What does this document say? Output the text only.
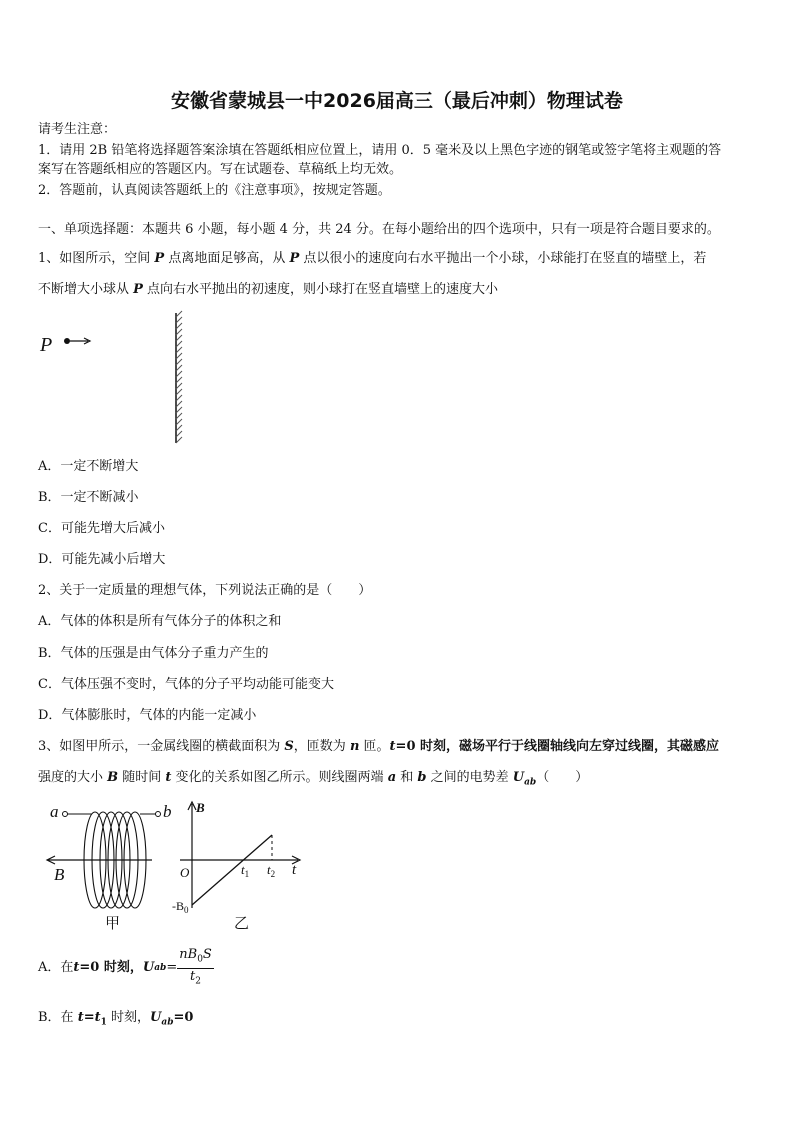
安徽省蒙城县一中2026届高三（最后冲刺）物理试卷
请考生注意：
1．请用 2B 铅笔将选择题答案涂填在答题纸相应位置上，请用 0．5 毫米及以上黑色字迹的钢笔或签字笔将主观题的答
案写在答题纸相应的答题区内。写在试题卷、草稿纸上均无效。
2．答题前，认真阅读答题纸上的《注意事项》，按规定答题。
一、单项选择题：本题共 6 小题，每小题 4 分，共 24 分。在每小题给出的四个选项中，只有一项是符合题目要求的。
1、如图所示，空间 P 点离地面足够高，从 P 点以很小的速度向右水平抛出一个小球，小球能打在竖直的墙壁上，若
不断增大小球从 P 点向右水平抛出的初速度，则小球打在竖直墙壁上的速度大小
P
A．一定不断增大
B．一定不断减小
C．可能先增大后减小
D．可能先减小后增大
2、关于一定质量的理想气体，下列说法正确的是（　　）
A．气体的体积是所有气体分子的体积之和
B．气体的压强是由气体分子重力产生的
C．气体压强不变时，气体的分子平均动能可能变大
D．气体膨胀时，气体的内能一定减小
3、如图甲所示，一金属线圈的横截面积为 S，匝数为 n 匝。t=0 时刻，磁场平行于线圈轴线向左穿过线圈，其磁感应
强度的大小 B 随时间 t 变化的关系如图乙所示。则线圈两端 a 和 b 之间的电势差 $U_{ab}$（　　）
a	b
B
甲
B
t
O	$t_1$ $t_2$
$-B_0$
乙
A．在 t =0 时刻， U ab = $\frac{nB_0S}{t_2}$
B．在 $t=t_1$ 时刻，$U_{ab}=0$
